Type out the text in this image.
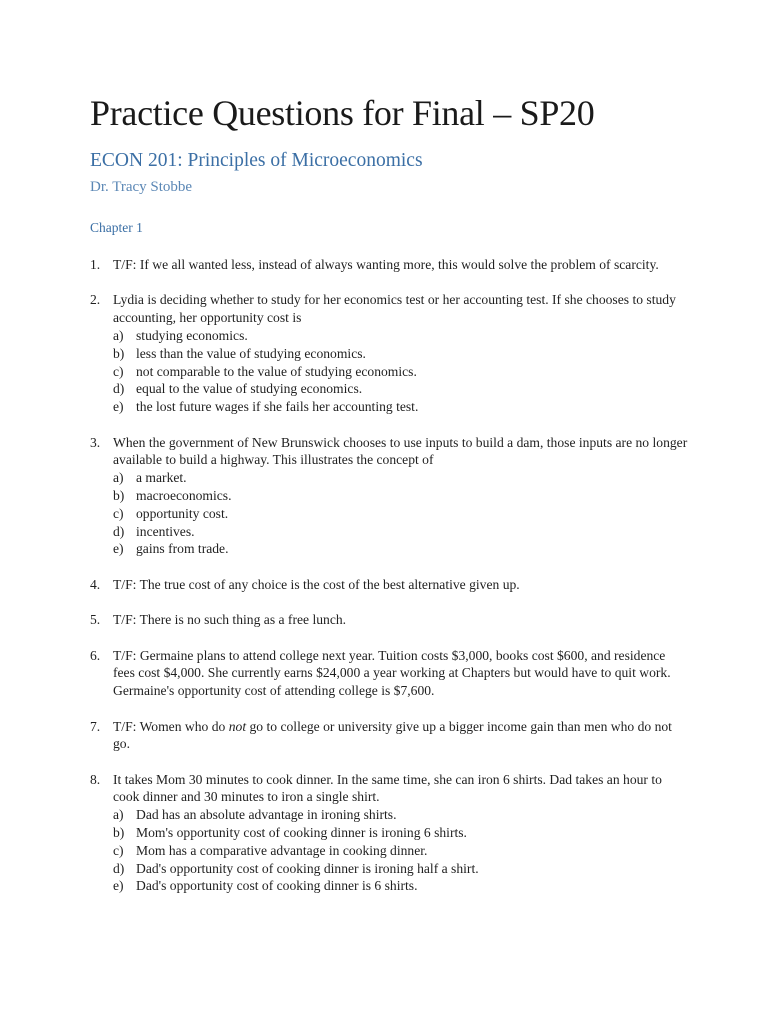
Practice Questions for Final – SP20
ECON 201: Principles of Microeconomics

Dr. Tracy Stobbe

Chapter 1

1. T/F: If we all wanted less, instead of always wanting more, this would solve the problem of scarcity.
2. Lydia is deciding whether to study for her economics test or her accounting test. If she chooses to study accounting, her opportunity cost is
a) studying economics.
b) less than the value of studying economics.
c) not comparable to the value of studying economics.
d) equal to the value of studying economics.
e) the lost future wages if she fails her accounting test.
3. When the government of New Brunswick chooses to use inputs to build a dam, those inputs are no longer available to build a highway. This illustrates the concept of
a) a market.
b) macroeconomics.
c) opportunity cost.
d) incentives.
e) gains from trade.
4. T/F: The true cost of any choice is the cost of the best alternative given up.
5. T/F: There is no such thing as a free lunch.
6. T/F: Germaine plans to attend college next year. Tuition costs $3,000, books cost $600, and residence fees cost $4,000. She currently earns $24,000 a year working at Chapters but would have to quit work. Germaine's opportunity cost of attending college is $7,600.
7. T/F: Women who do not go to college or university give up a bigger income gain than men who do not go.
8. It takes Mom 30 minutes to cook dinner. In the same time, she can iron 6 shirts. Dad takes an hour to cook dinner and 30 minutes to iron a single shirt.
a) Dad has an absolute advantage in ironing shirts.
b) Mom's opportunity cost of cooking dinner is ironing 6 shirts.
c) Mom has a comparative advantage in cooking dinner.
d) Dad's opportunity cost of cooking dinner is ironing half a shirt.
e) Dad's opportunity cost of cooking dinner is 6 shirts.
